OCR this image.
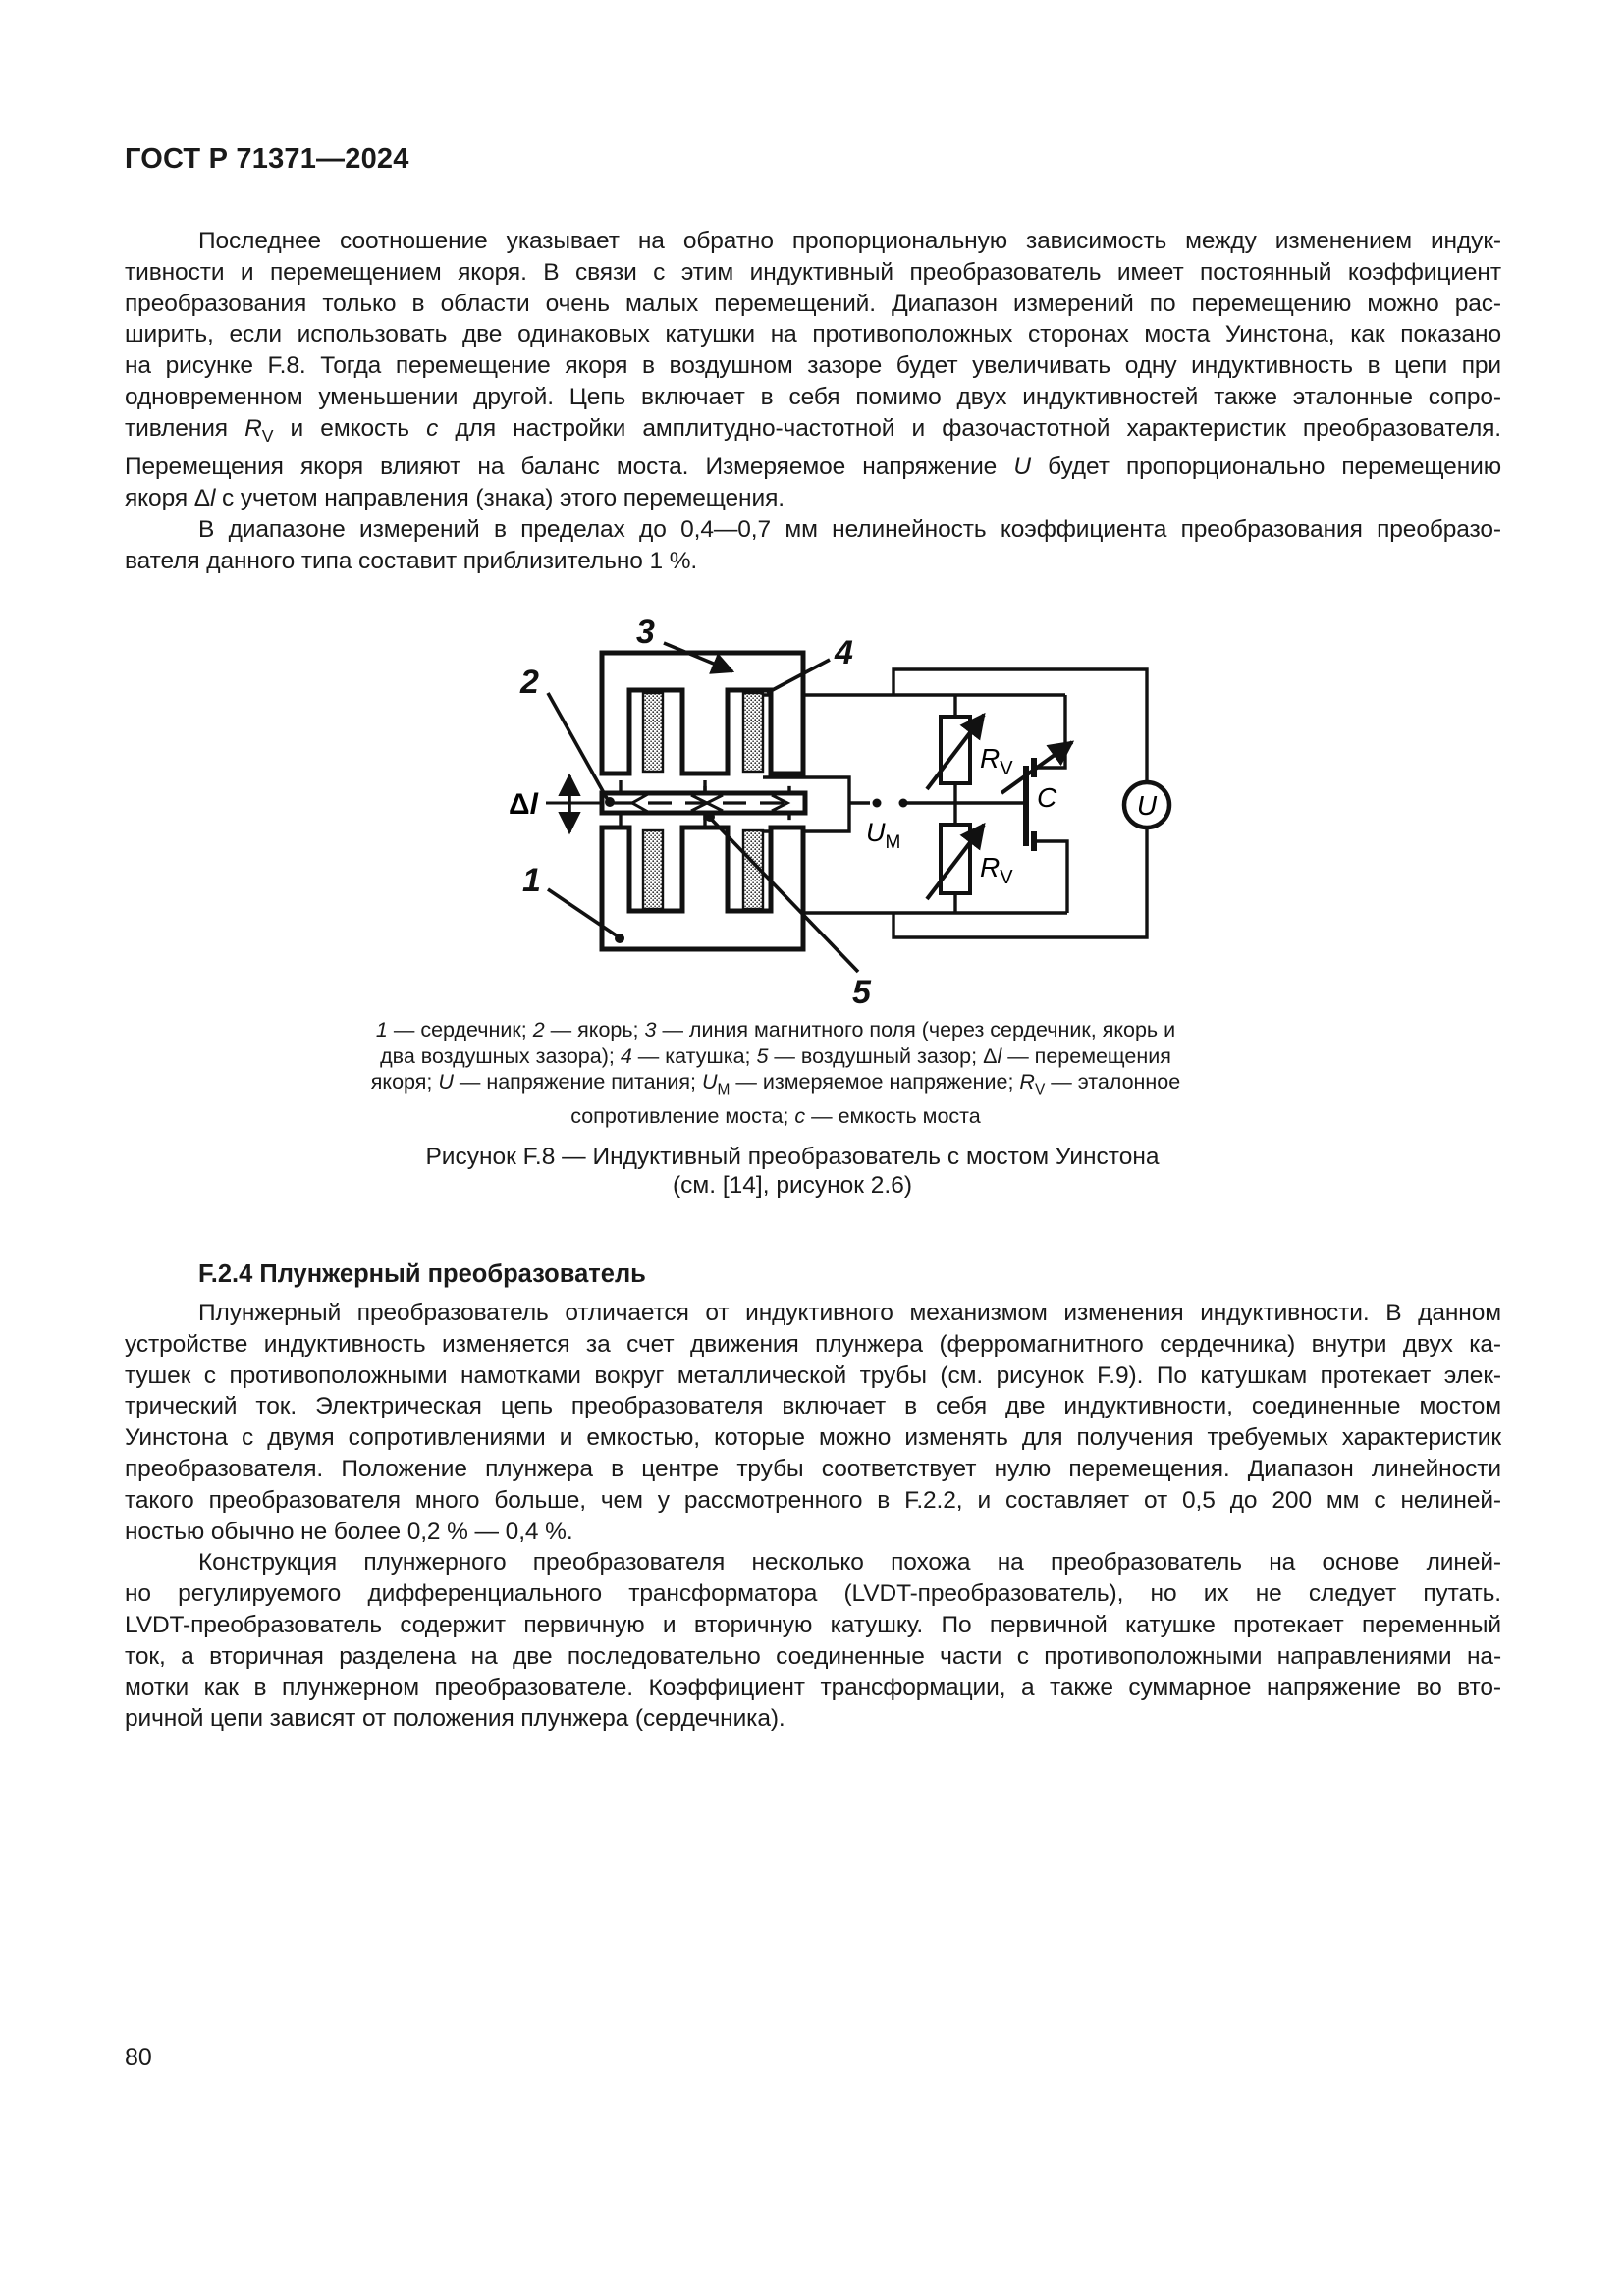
ГОСТ Р 71371—2024
Последнее соотношение указывает на обратно пропорциональную зависимость между изменением индук-
тивности и перемещением якоря. В связи с этим индуктивный преобразователь имеет постоянный коэффициент
преобразования только в области очень малых перемещений. Диапазон измерений по перемещению можно рас-
ширить, если использовать две одинаковых катушки на противоположных сторонах моста Уинстона, как показано
на рисунке F.8. Тогда перемещение якоря в воздушном зазоре будет увеличивать одну индуктивность в цепи при
одновременном уменьшении другой. Цепь включает в себя помимо двух индуктивностей также эталонные сопро-
тивления $R_V$ и емкость с для настройки амплитудно-частотной и фазочастотной характеристик преобразователя.
Перемещения якоря влияют на баланс моста. Измеряемое напряжение U будет пропорционально перемещению
якоря Δl с учетом направления (знака) этого перемещения.
В диапазоне измерений в пределах до 0,4—0,7 мм нелинейность коэффициента преобразования преобразо-
вателя данного типа составит приблизительно 1 %.
Δl
$R_V$
$R_V$
C	U
$U_М$
3
4
2
1
5
1 — сердечник; 2 — якорь; 3 — линия магнитного поля (через сердечник, якорь и
два воздушных зазора); 4 — катушка; 5 — воздушный зазор; Δl — перемещения
якоря; U — напряжение питания; $U_М$ — измеряемое напряжение; $R_V$ — эталонное
сопротивление моста; с — емкость моста
Рисунок F.8 — Индуктивный преобразователь с мостом Уинстона
(см. [14], рисунок 2.6)
F.2.4 Плунжерный преобразователь
Плунжерный преобразователь отличается от индуктивного механизмом изменения индуктивности. В данном
устройстве индуктивность изменяется за счет движения плунжера (ферромагнитного сердечника) внутри двух ка-
тушек с противоположными намотками вокруг металлической трубы (см. рисунок F.9). По катушкам протекает элек-
трический ток. Электрическая цепь преобразователя включает в себя две индуктивности, соединенные мостом
Уинстона с двумя сопротивлениями и емкостью, которые можно изменять для получения требуемых характеристик
преобразователя. Положение плунжера в центре трубы соответствует нулю перемещения. Диапазон линейности
такого преобразователя много больше, чем у рассмотренного в F.2.2, и составляет от 0,5 до 200 мм с нелиней-
ностью обычно не более 0,2 % — 0,4 %.
Конструкция плунжерного преобразователя несколько похожа на преобразователь на основе линей-
но регулируемого дифференциального трансформатора (LVDT-преобразователь), но их не следует путать.
LVDT-преобразователь содержит первичную и вторичную катушку. По первичной катушке протекает переменный
ток, а вторичная разделена на две последовательно соединенные части с противоположными направлениями на-
мотки как в плунжерном преобразователе. Коэффициент трансформации, а также суммарное напряжение во вто-
ричной цепи зависят от положения плунжера (сердечника).
80
